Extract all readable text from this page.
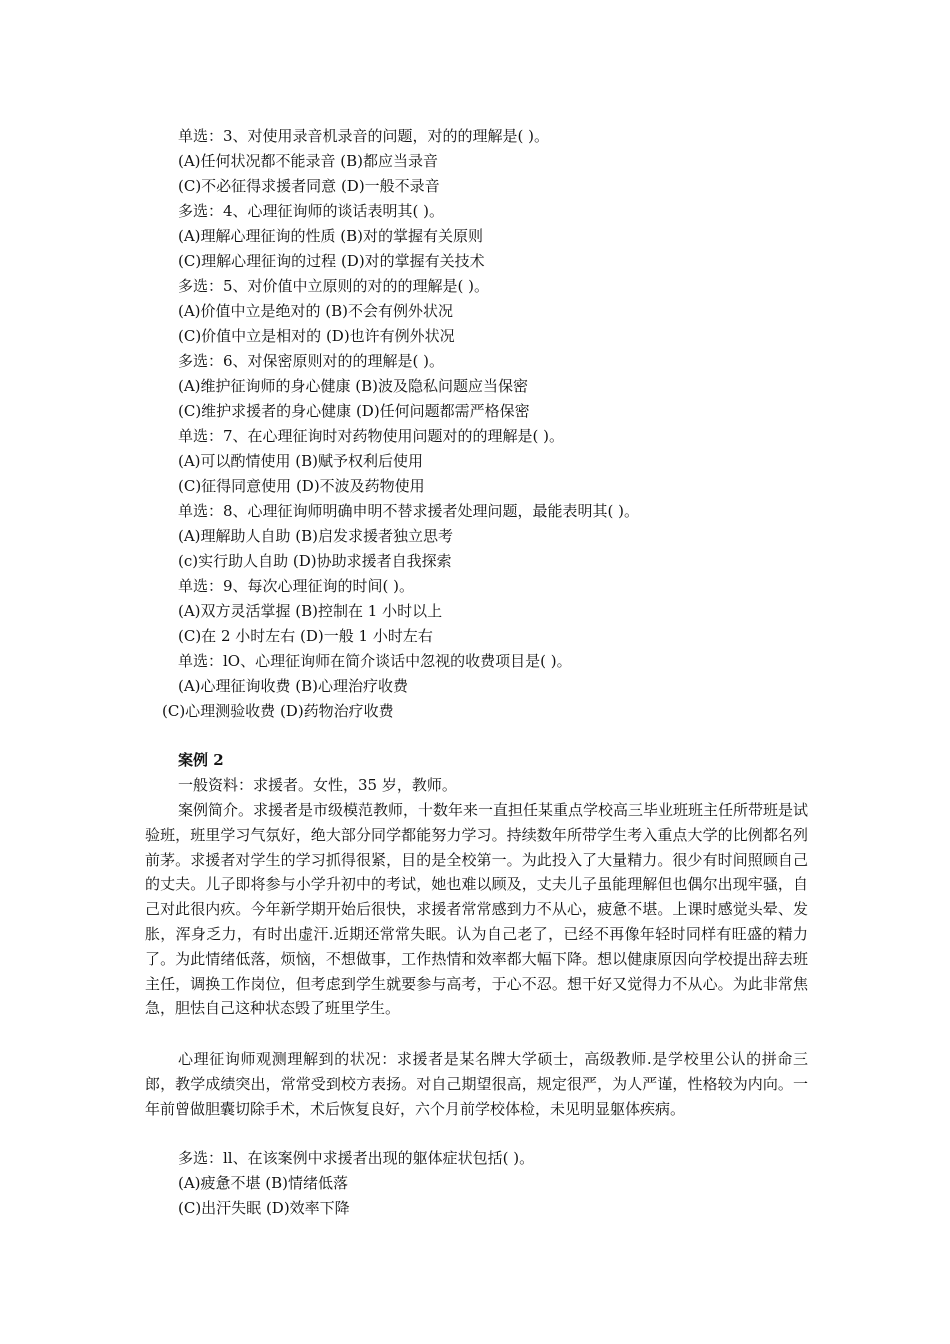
单选：3、对使用录音机录音的问题，对的的理解是( )。
(A)任何状况都不能录音 (B)都应当录音
(C)不必征得求援者同意 (D)一般不录音
多选：4、心理征询师的谈话表明其( )。
(A)理解心理征询的性质 (B)对的掌握有关原则
(C)理解心理征询的过程 (D)对的掌握有关技术
多选：5、对价值中立原则的对的的理解是( )。
(A)价值中立是绝对的 (B)不会有例外状况
(C)价值中立是相对的 (D)也许有例外状况
多选：6、对保密原则对的的理解是( )。
(A)维护征询师的身心健康 (B)波及隐私问题应当保密
(C)维护求援者的身心健康 (D)任何问题都需严格保密
单选：7、在心理征询时对药物使用问题对的的理解是( )。
(A)可以酌情使用 (B)赋予权利后使用
(C)征得同意使用 (D)不波及药物使用
单选：8、心理征询师明确申明不替求援者处理问题，最能表明其( )。
(A)理解助人自助 (B)启发求援者独立思考
(c)实行助人自助 (D)协助求援者自我探索
单选：9、每次心理征询的时间( )。
(A)双方灵活掌握 (B)控制在 1 小时以上
(C)在 2 小时左右 (D)一般 1 小时左右
单选：lO、心理征询师在简介谈话中忽视的收费项目是( )。
(A)心理征询收费 (B)心理治疗收费
(C)心理测验收费 (D)药物治疗收费
案例 2
一般资料：求援者。女性，35 岁，教师。
案例简介。求援者是市级模范教师，十数年来一直担任某重点学校高三毕业班班主任所带班是试验班，班里学习气氛好，绝大部分同学都能努力学习。持续数年所带学生考入重点大学的比例都名列前茅。求援者对学生的学习抓得很紧，目的是全校第一。为此投入了大量精力。很少有时间照顾自己的丈夫。儿子即将参与小学升初中的考试，她也难以顾及，丈夫儿子虽能理解但也偶尔出现牢骚，自己对此很内疚。今年新学期开始后很快，求援者常常感到力不从心，疲惫不堪。上课时感觉头晕、发胀，浑身乏力，有时出虚汗.近期还常常失眠。认为自己老了，已经不再像年轻时同样有旺盛的精力了。为此情绪低落，烦恼，不想做事，工作热情和效率都大幅下降。想以健康原因向学校提出辞去班主任，调换工作岗位，但考虑到学生就要参与高考，于心不忍。想干好又觉得力不从心。为此非常焦急，胆怯自己这种状态毁了班里学生。
心理征询师观测理解到的状况：求援者是某名牌大学硕士，高级教师.是学校里公认的拼命三郎，教学成绩突出，常常受到校方表扬。对自己期望很高，规定很严，为人严谨，性格较为内向。一年前曾做胆囊切除手术，术后恢复良好，六个月前学校体检，未见明显躯体疾病。
多选：ll、在该案例中求援者出现的躯体症状包括( )。
(A)疲惫不堪 (B)情绪低落
(C)出汗失眠 (D)效率下降
